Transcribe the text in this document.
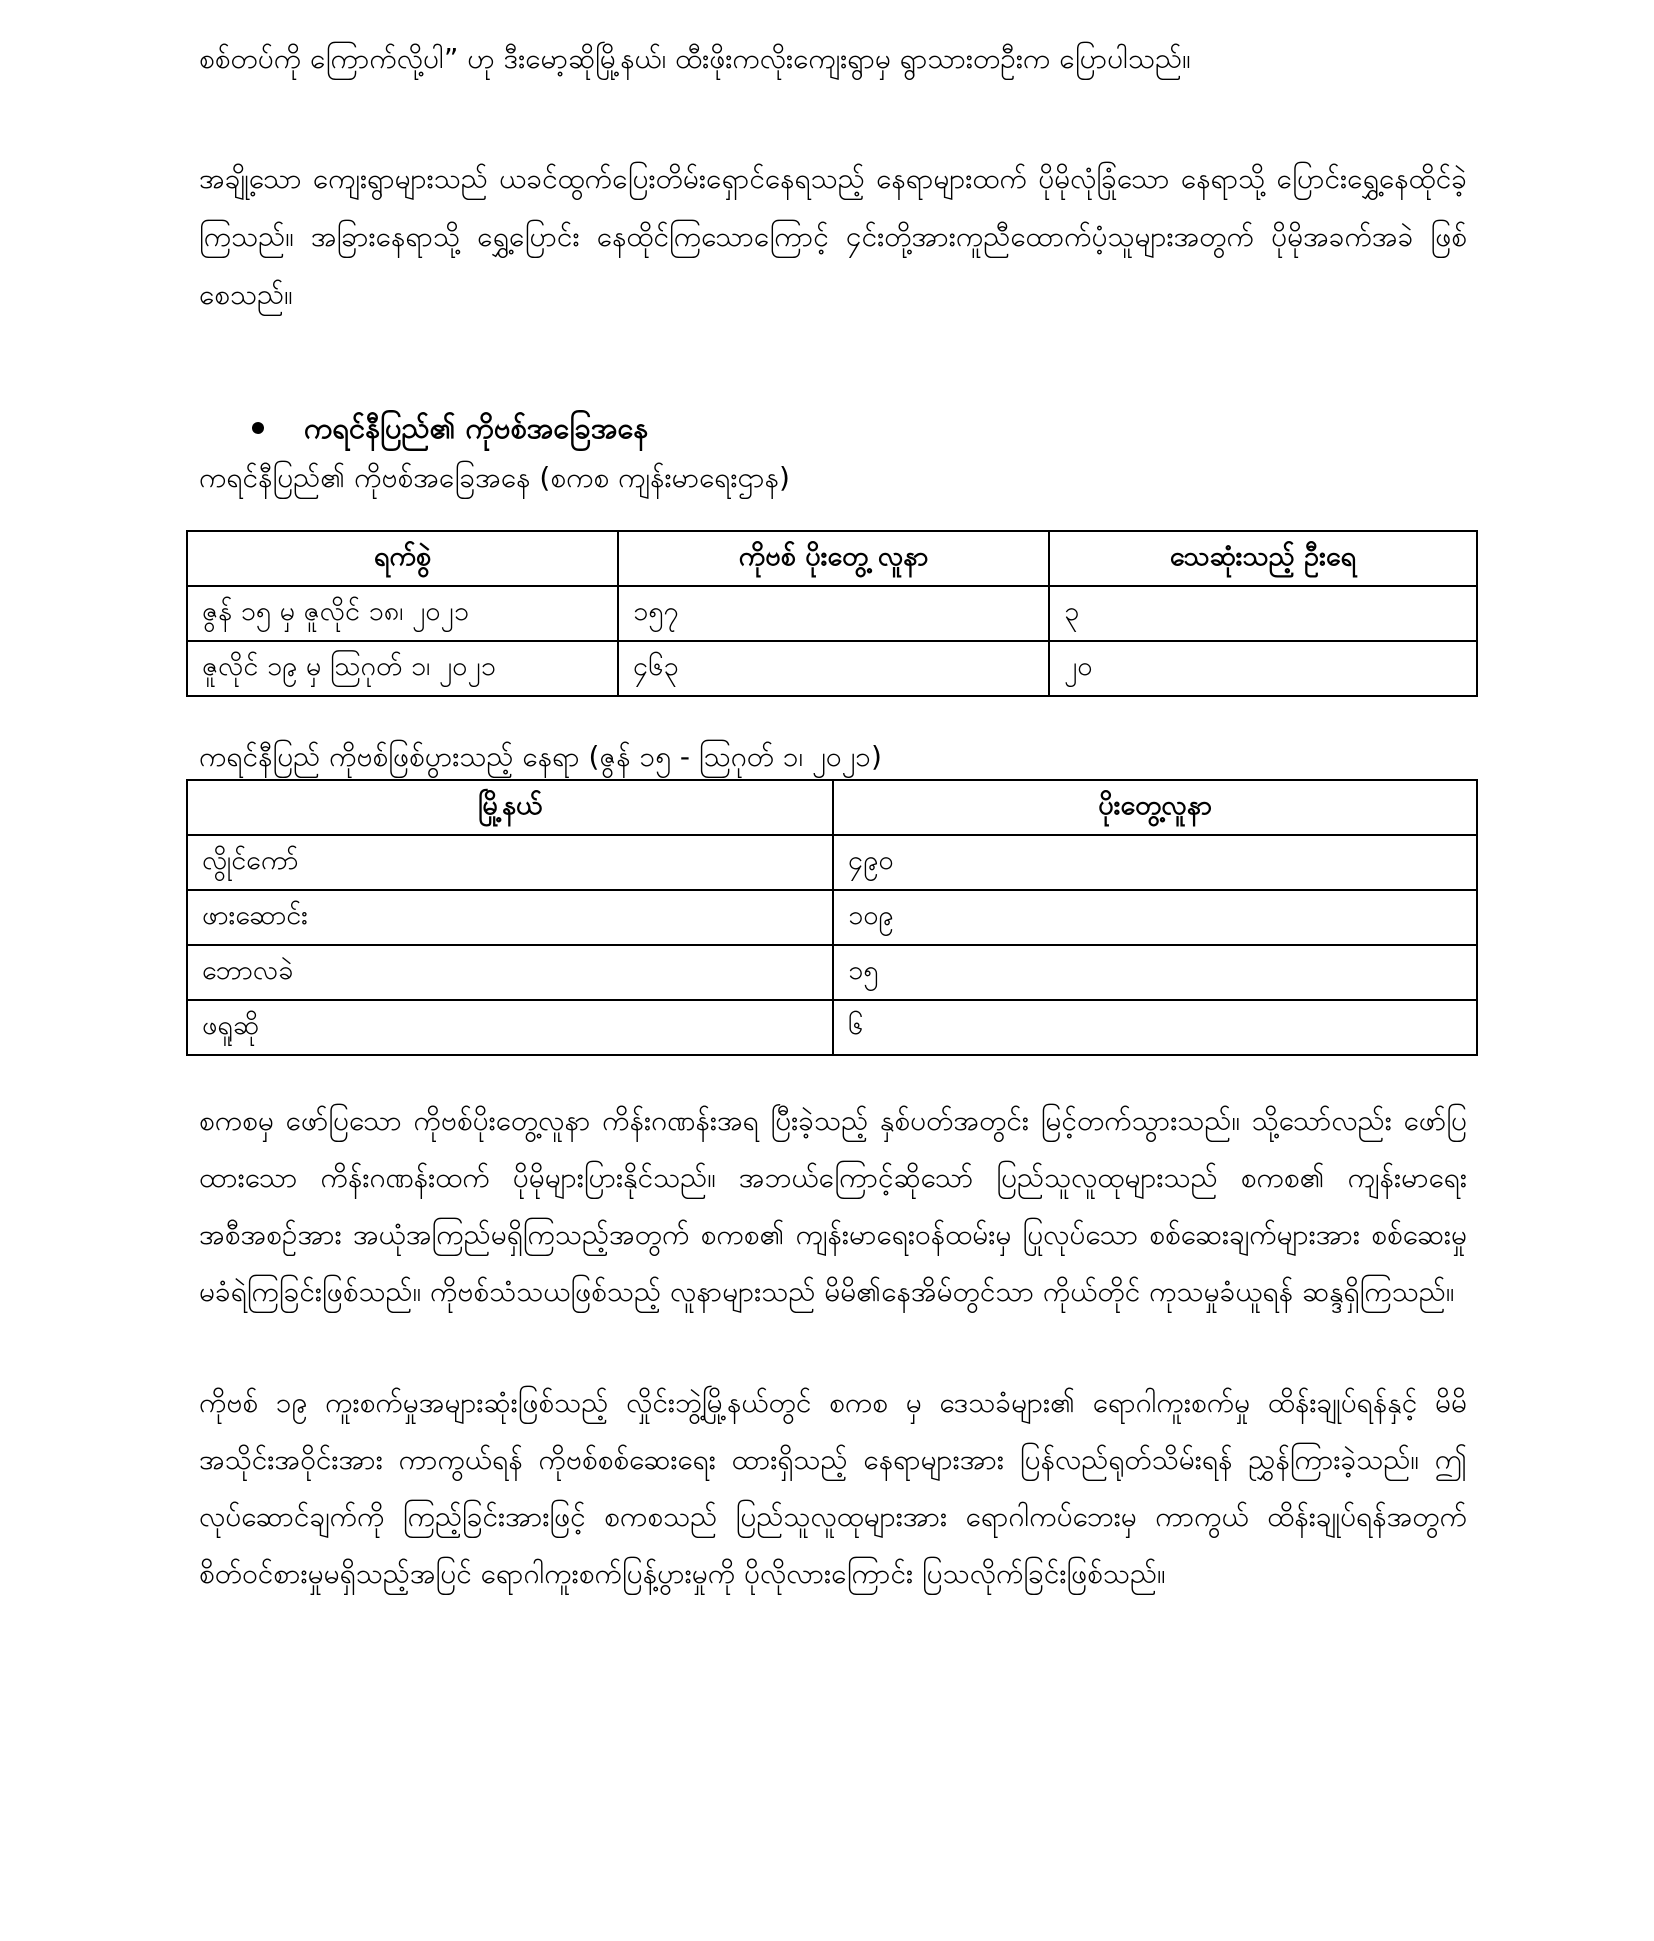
စစ်တပ်ကို ကြောက်လို့ပါ” ဟု ဒီးမော့ဆိုမြို့နယ်၊ ထီးဖိုးကလိုးကျေးရွာမှ ရွာသားတဦးက ပြောပါသည်။

အချို့သော ကျေးရွာများသည် ယခင်ထွက်ပြေးတိမ်းရှောင်နေရသည့် နေရာများထက် ပိုမိုလုံခြုံသော နေရာသို့ ပြောင်းရွှေ့နေထိုင်ခဲ့ကြသည်။ အခြားနေရာသို့ ရွှေ့ပြောင်း နေထိုင်ကြသောကြောင့် ၄င်းတို့အားကူညီထောက်ပံ့သူများအတွက် ပိုမိုအခက်အခဲ ဖြစ်စေသည်။

ကရင်နီပြည်၏ ကိုဗစ်အခြေအနေ

ကရင်နီပြည်၏ ကိုဗစ်အခြေအနေ (စကစ ကျန်းမာရေးဌာန)

ရက်စွဲ	ကိုဗစ် ပိုးတွေ့ လူနာ	သေဆုံးသည့် ဦးရေ
ဇွန် ၁၅ မှ ဇူလိုင် ၁၈၊ ၂၀၂၁	၁၅၇	၃
ဇူလိုင် ၁၉ မှ သြဂုတ် ၁၊ ၂၀၂၁	၄၆၃	၂၀

ကရင်နီပြည် ကိုဗစ်ဖြစ်ပွားသည့် နေရာ (ဇွန် ၁၅ - သြဂုတ် ၁၊ ၂၀၂၁)

မြို့နယ်	ပိုးတွေ့လူနာ
လွိုင်ကော်	၄၉၀
ဖားဆောင်း	၁၀၉
ဘောလခဲ	၁၅
ဖရူဆို	၆

စကစမှ ဖော်ပြသော ကိုဗစ်ပိုးတွေ့လူနာ ကိန်းဂဏန်းအရ ပြီးခဲ့သည့် နှစ်ပတ်အတွင်း မြင့်တက်သွားသည်။ သို့သော်လည်း ဖော်ပြထားသော ကိန်းဂဏန်းထက် ပိုမိုများပြားနိုင်သည်။ အဘယ်ကြောင့်ဆိုသော် ပြည်သူလူထုများသည် စကစ၏ ကျန်းမာရေးအစီအစဉ်အား အယုံအကြည်မရှိကြသည့်အတွက် စကစ၏ ကျန်းမာရေးဝန်ထမ်းမှ ပြုလုပ်သော စစ်ဆေးချက်များအား စစ်ဆေးမှုမခံရဲကြခြင်းဖြစ်သည်။ ကိုဗစ်သံသယဖြစ်သည့် လူနာများသည် မိမိ၏နေအိမ်တွင်သာ ကိုယ်တိုင် ကုသမှုခံယူရန် ဆန္ဒရှိကြသည်။

ကိုဗစ် ၁၉ ကူးစက်မှုအများဆုံးဖြစ်သည့် လှိုင်းဘွဲ့မြို့နယ်တွင် စကစ မှ ဒေသခံများ၏ ရောဂါကူးစက်မှု ထိန်းချုပ်ရန်နှင့် မိမိအသိုင်းအဝိုင်းအား ကာကွယ်ရန် ကိုဗစ်စစ်ဆေးရေး ထားရှိသည့် နေရာများအား ပြန်လည်ရုတ်သိမ်းရန် ညွှန်ကြားခဲ့သည်။ ဤလုပ်ဆောင်ချက်ကို ကြည့်ခြင်းအားဖြင့် စကစသည် ပြည်သူလူထုများအား ရောဂါကပ်ဘေးမှ ကာကွယ် ထိန်းချုပ်ရန်အတွက် စိတ်ဝင်စားမှုမရှိသည့်အပြင် ရောဂါကူးစက်ပြန့်ပွားမှုကို ပိုလိုလားကြောင်း ပြသလိုက်ခြင်းဖြစ်သည်။
